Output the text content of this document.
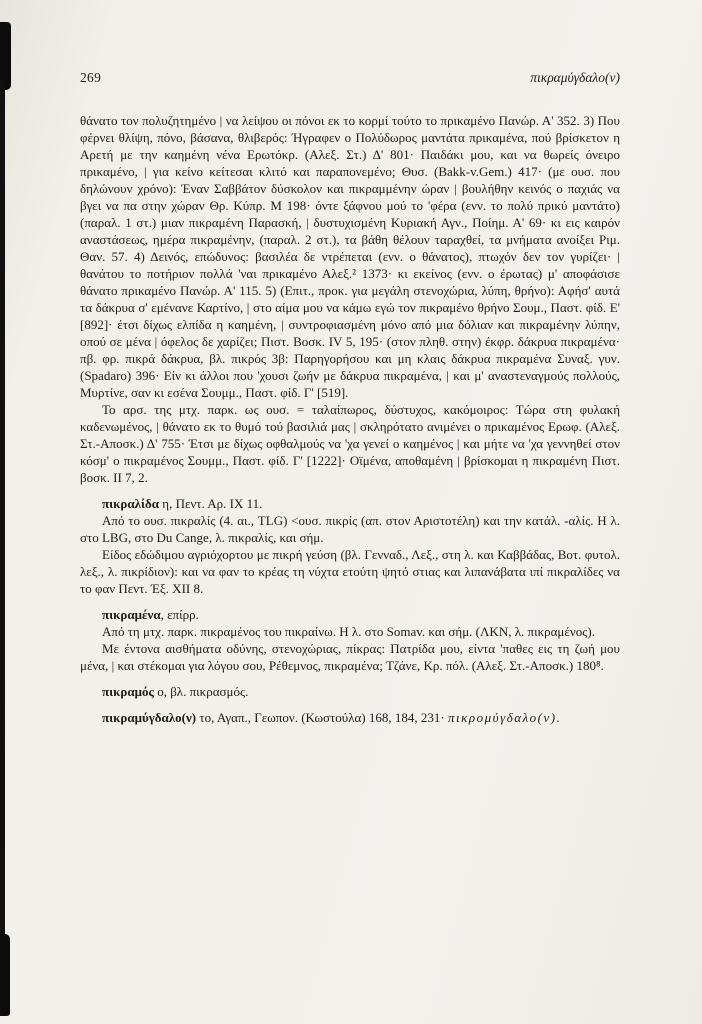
269	πικραμύγδαλο(ν)

θάνατο τον πολυζητημένο | να λείψου οι πόνοι εκ το κορμί τούτο το πρικαμένο Πανώρ. Α' 352. 3) Που φέρνει θλίψη, πόνο, βάσανα, θλιβερός: Ήγραφεν ο Πολύδωρος μαντάτα πρικαμένα, πού βρίσκετον η Αρετή με την καημένη νένα Ερωτόκρ. (Αλεξ. Στ.) Δ' 801· Παιδάκι μου, και να θωρείς όνειρο πρικαμένο, | για κείνο κείτεσαι κλιτό και παραπονεμένο; Θυσ. (Bakk-v.Gem.) 417· (με ουσ. που δηλώνουν χρόνο): Έναν Σαββάτον δύσκολον και πικραμμένην ώραν | βουλήθην κεινός ο παχιάς να βγει να πα στην χώραν Θρ. Κύπρ. Μ 198· όντε ξάφνου μού το 'φέρα (ενν. το πολύ πρικύ μαντάτο) (παραλ. 1 στ.) μιαν πικραμένη Παρασκή, | δυστυχισμένη Κυριακή Αγν., Ποίημ. Α' 69· κι εις καιρόν αναστάσεως, ημέρα πικραμένην, (παραλ. 2 στ.), τα βάθη θέλουν ταραχθεί, τα μνήματα ανοίξει Ριμ. Θαν. 57. 4) Δεινός, επώδυνος: βασιλέα δε ντρέπεται (ενν. ο θάνατος), πτωχόν δεν τον γυρίζει· | θανάτου το ποτήριον πολλά 'ναι πρικαμένο Αλεξ.² 1373· κι εκείνος (ενν. ο έρωτας) μ' αποφάσισε θάνατο πρικαμένο Πανώρ. Α' 115. 5) (Επιτ., προκ. για μεγάλη στενοχώρια, λύπη, θρήνο): Αφήσ' αυτά τα δάκρυα σ' εμένανε Καρτίνο, | στο αίμα μου να κάμω εγώ τον πικραμένο θρήνο Σουμ., Παστ. φίδ. Ε' [892]· έτσι δίχως ελπίδα η καημένη, | συντροφιασμένη μόνο από μια δόλιαν και πικραμένην λύπην, οπού σε μένα | όφελος δε χαρίζει; Πιστ. Βοσκ. IV 5, 195· (στον πληθ. στην) έκφρ. δάκρυα πικραμένα· πβ. φρ. πικρά δάκρυα, βλ. πικρός 3β: Παρηγορήσου και μη κλαις δάκρυα πικραμένα Συναξ. γυν. (Spadaro) 396· Είν κι άλλοι που 'χουσι ζωήν με δάκρυα πικραμένα, | και μ' αναστεναγμούς πολλούς, Μυρτίνε, σαν κι εσένα Σουμμ., Παστ. φίδ. Γ' [519].

Το αρσ. της μτχ. παρκ. ως ουσ. = ταλαίπωρος, δύστυχος, κακόμοιρος: Τώρα στη φυλακή καδενωμένος, | θάνατο εκ το θυμό τού βασιλιά μας | σκληρότατο ανιμένει ο πρικαμένος Ερωφ. (Αλεξ. Στ.-Αποσκ.) Δ' 755· Έτσι με δίχως οφθαλμούς να 'χα γενεί ο καημένος | και μήτε να 'χα γεννηθεί στον κόσμ' ο πικραμένος Σουμμ., Παστ. φίδ. Γ' [1222]· Οϊμένα, αποθαμένη | βρίσκομαι η πικραμένη Πιστ. βοσκ. II 7, 2.

πικραλίδα η, Πεντ. Αρ. IX 11.

Από το ουσ. πικραλίς (4. αι., TLG) <ουσ. πικρίς (απ. στον Αριστοτέλη) και την κατάλ. -αλίς. Η λ. στο LBG, στο Du Cange, λ. πικραλίς, και σήμ.

Είδος εδώδιμου αγριόχορτου με πικρή γεύση (βλ. Γενναδ., Λεξ., στη λ. και Καββάδας, Βοτ. φυτολ. λεξ., λ. πικρίδιον): και να φαν το κρέας τη νύχτα ετούτη ψητό στιας και λιπανάβατα ιπί πικραλίδες να το φαν Πεντ. Έξ. XII 8.

πικραμένα, επίρρ.

Από τη μτχ. παρκ. πικραμένος του πικραίνω. Η λ. στο Somav. και σήμ. (ΛΚΝ, λ. πικραμένος).

Με έντονα αισθήματα οδύνης, στενοχώριας, πίκρας: Πατρίδα μου, είντα 'παθες εις τη ζωή μου μένα, | και στέκομαι για λόγου σου, Ρέθεμνος, πικραμένα; Τζάνε, Κρ. πόλ. (Αλεξ. Στ.-Αποσκ.) 180⁸.

πικραμός ο, βλ. πικρασμός.

πικραμύγδαλο(ν) το, Αγαπ., Γεωπον. (Κωστούλα) 168, 184, 231· πικρομύγδαλο(ν).
